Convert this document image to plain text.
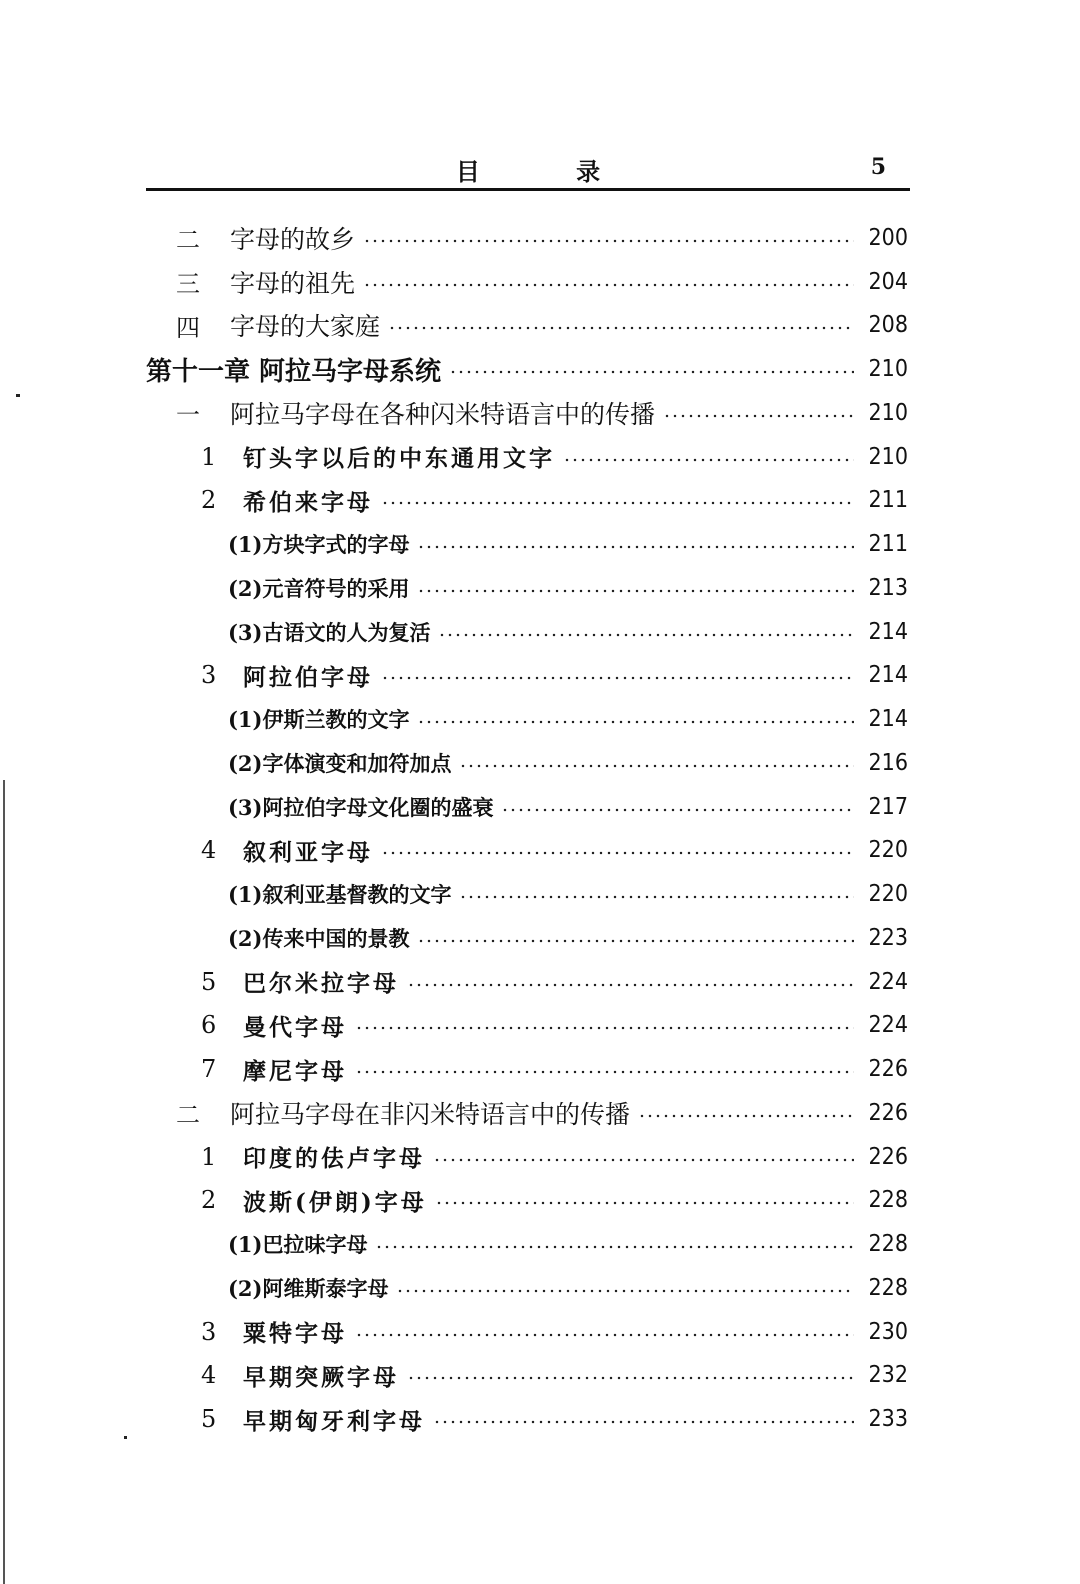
目 录	5
二	字母的故乡	200
三	字母的祖先	204
四	字母的大家庭	208
第十一章 阿拉马字母系统	210
一	阿拉马字母在各种闪米特语言中的传播	210
1	钉头字以后的中东通用文字	210
2	希伯来字母	211
(1)方块字式的字母	211
(2)元音符号的采用	213
(3)古语文的人为复活	214
3	阿拉伯字母	214
(1)伊斯兰教的文字	214
(2)字体演变和加符加点	216
(3)阿拉伯字母文化圈的盛衰	217
4	叙利亚字母	220
(1)叙利亚基督教的文字	220
(2)传来中国的景教	223
5	巴尔米拉字母	224
6	曼代字母	224
7	摩尼字母	226
二	阿拉马字母在非闪米特语言中的传播	226
1	印度的佉卢字母	226
2	波斯(伊朗)字母	228
(1)巴拉味字母	228
(2)阿维斯泰字母	228
3	粟特字母	230
4	早期突厥字母	232
5	早期匈牙利字母	233
